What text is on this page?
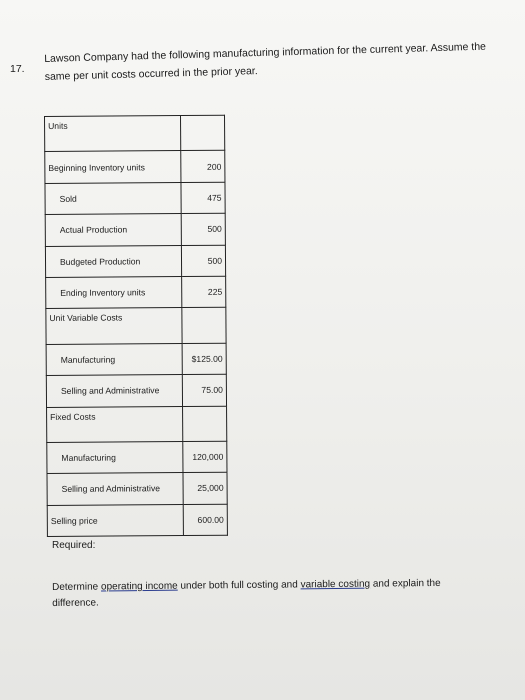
17.
Lawson Company had the following manufacturing information for the current year. Assume the
same per unit costs occurred in the prior year.
Units	
Beginning Inventory units	200
Sold	475
Actual Production	500
Budgeted Production	500
Ending Inventory units	225
Unit Variable Costs	
Manufacturing	$125.00
Selling and Administrative	75.00
Fixed Costs	
Manufacturing	120,000
Selling and Administrative	25,000
Selling price	600.00
Required:
Determine operating income under both full costing and variable costing and explain the
difference.
